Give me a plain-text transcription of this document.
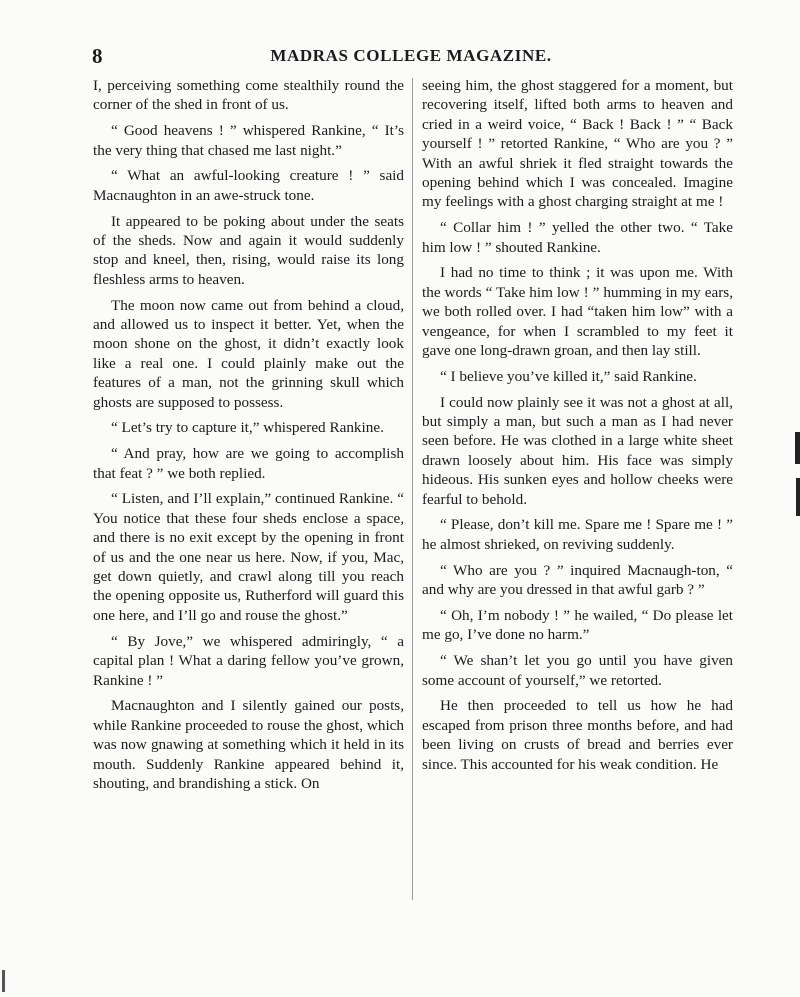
8	MADRAS COLLEGE MAGAZINE.

I, perceiving something come stealthily round the corner of the shed in front of us.

“ Good heavens ! ” whispered Rankine, “ It’s the very thing that chased me last night.”

“ What an awful-looking creature ! ” said Macnaughton in an awe-struck tone.

It appeared to be poking about under the seats of the sheds. Now and again it would suddenly stop and kneel, then, rising, would raise its long fleshless arms to heaven.

The moon now came out from behind a cloud, and allowed us to inspect it better. Yet, when the moon shone on the ghost, it didn’t exactly look like a real one. I could plainly make out the features of a man, not the grinning skull which ghosts are supposed to possess.

“ Let’s try to capture it,” whispered Rankine.

“ And pray, how are we going to accomplish that feat ? ” we both replied.

“ Listen, and I’ll explain,” continued Rankine. “ You notice that these four sheds enclose a space, and there is no exit except by the opening in front of us and the one near us here. Now, if you, Mac, get down quietly, and crawl along till you reach the opening opposite us, Rutherford will guard this one here, and I’ll go and rouse the ghost.”

“ By Jove,” we whispered admiringly, “ a capital plan ! What a daring fellow you’ve grown, Rankine ! ”

Macnaughton and I silently gained our posts, while Rankine proceeded to rouse the ghost, which was now gnawing at something which it held in its mouth. Suddenly Rankine appeared behind it, shouting, and brandishing a stick. On

seeing him, the ghost staggered for a moment, but recovering itself, lifted both arms to heaven and cried in a weird voice, “ Back ! Back ! ” “ Back yourself ! ” retorted Rankine, “ Who are you ? ” With an awful shriek it fled straight towards the opening behind which I was concealed. Imagine my feelings with a ghost charging straight at me !

“ Collar him ! ” yelled the other two. “ Take him low ! ” shouted Rankine.

I had no time to think ; it was upon me. With the words “ Take him low ! ” humming in my ears, we both rolled over. I had “taken him low” with a vengeance, for when I scrambled to my feet it gave one long-drawn groan, and then lay still.

“ I believe you’ve killed it,” said Rankine.

I could now plainly see it was not a ghost at all, but simply a man, but such a man as I had never seen before. He was clothed in a large white sheet drawn loosely about him. His face was simply hideous. His sunken eyes and hollow cheeks were fearful to behold.

“ Please, don’t kill me. Spare me ! Spare me ! ” he almost shrieked, on reviving suddenly.

“ Who are you ? ” inquired Macnaugh-ton, “ and why are you dressed in that awful garb ? ”

“ Oh, I’m nobody ! ” he wailed, “ Do please let me go, I’ve done no harm.”

“ We shan’t let you go until you have given some account of yourself,” we retorted.

He then proceeded to tell us how he had escaped from prison three months before, and had been living on crusts of bread and berries ever since. This accounted for his weak condition. He
